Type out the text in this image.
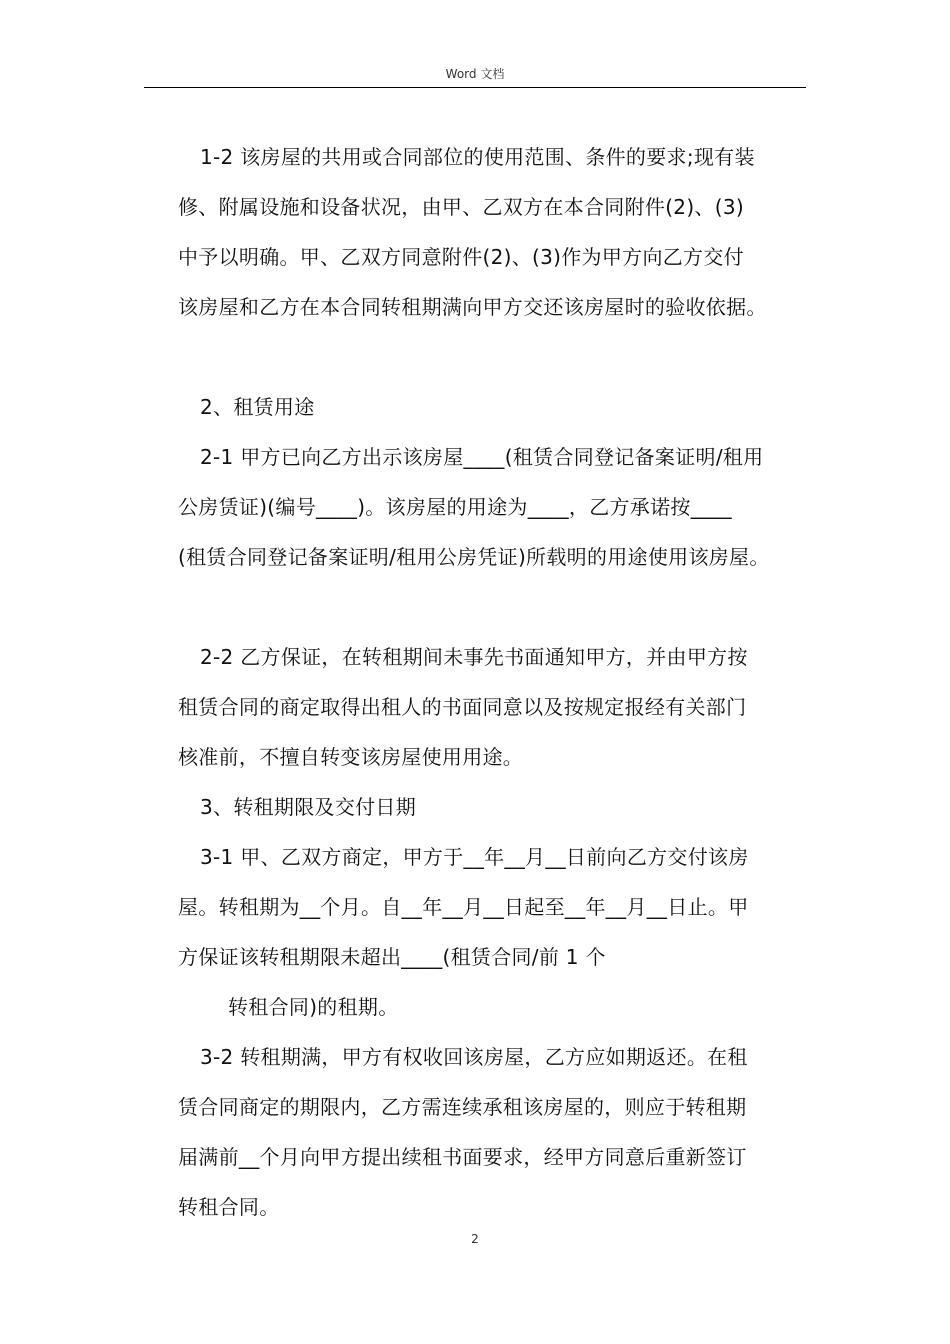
Word 文档
1-2 该房屋的共用或合同部位的使用范围、条件的要求;现有装
修、附属设施和设备状况，由甲、乙双方在本合同附件(2)、(3)
中予以明确。甲、乙双方同意附件(2)、(3)作为甲方向乙方交付
该房屋和乙方在本合同转租期满向甲方交还该房屋时的验收依据。
2、租赁用途
2-1 甲方已向乙方出示该房屋____(租赁合同登记备案证明/租用
公房赁证)(编号____)。该房屋的用途为____，乙方承诺按____
(租赁合同登记备案证明/租用公房凭证)所载明的用途使用该房屋。
2-2 乙方保证，在转租期间未事先书面通知甲方，并由甲方按
租赁合同的商定取得出租人的书面同意以及按规定报经有关部门
核准前，不擅自转变该房屋使用用途。
3、转租期限及交付日期
3-1 甲、乙双方商定，甲方于__年__月__日前向乙方交付该房
屋。转租期为__个月。自__年__月__日起至__年__月__日止。甲
方保证该转租期限未超出____(租赁合同/前 1 个
转租合同)的租期。
3-2 转租期满，甲方有权收回该房屋，乙方应如期返还。在租
赁合同商定的期限内，乙方需连续承租该房屋的，则应于转租期
届满前__个月向甲方提出续租书面要求，经甲方同意后重新签订
转租合同。
2
